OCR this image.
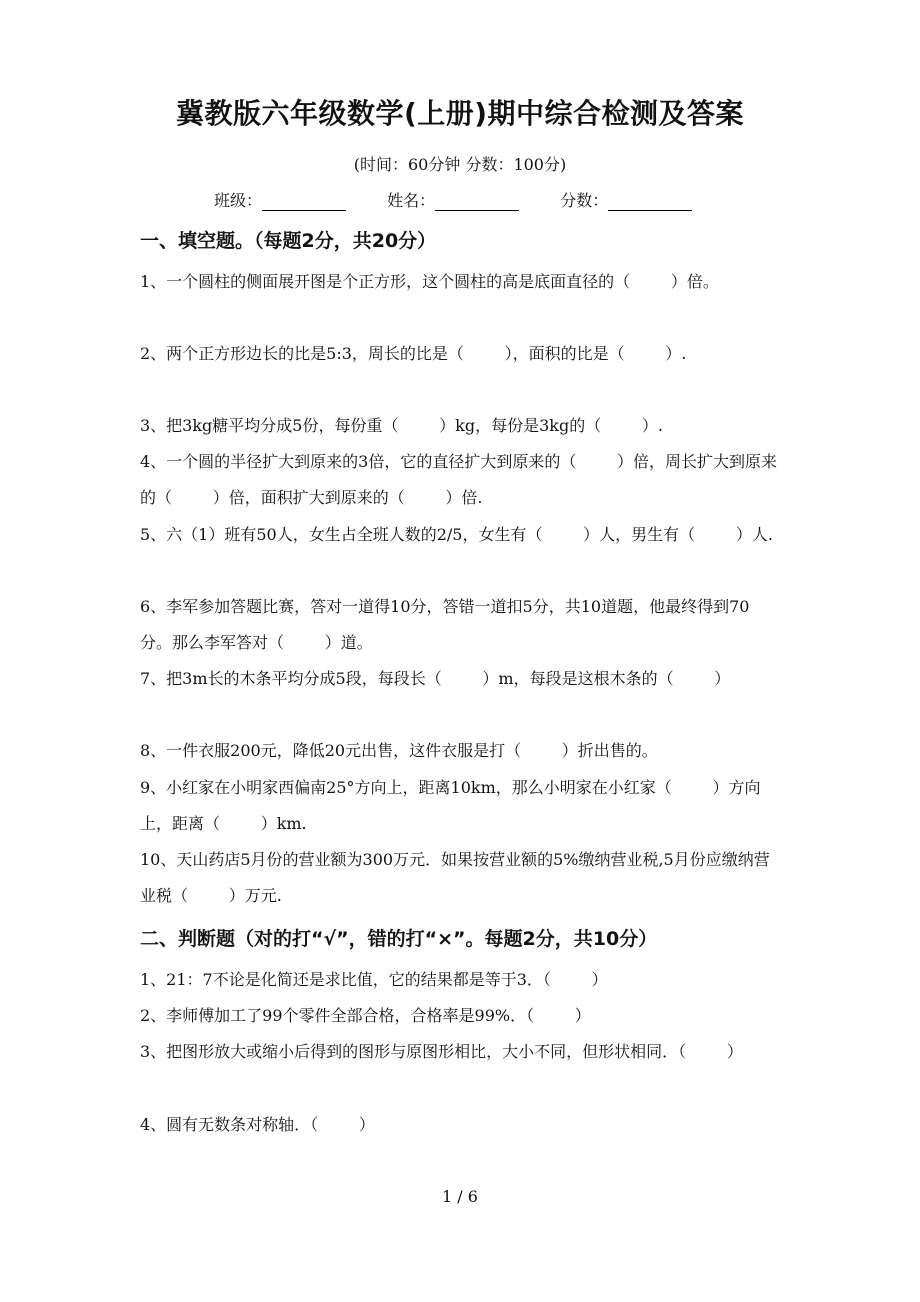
冀教版六年级数学(上册)期中综合检测及答案
(时间：60分钟 分数：100分)
班级：	姓名：	分数：
一、填空题。（每题2分，共20分）
1、一个圆柱的侧面展开图是个正方形，这个圆柱的高是底面直径的（        ）倍。
2、两个正方形边长的比是5:3，周长的比是（        ），面积的比是（        ）.
3、把3kg糖平均分成5份，每份重（        ）kg，每份是3kg的（        ）.
4、一个圆的半径扩大到原来的3倍，它的直径扩大到原来的（        ）倍，周长扩大到原来的（        ）倍，面积扩大到原来的（        ）倍.
5、六（1）班有50人，女生占全班人数的2/5，女生有（        ）人，男生有（        ）人.
6、李军参加答题比赛，答对一道得10分，答错一道扣5分，共10道题，他最终得到70分。那么李军答对（        ）道。
7、把3m长的木条平均分成5段，每段长（        ）m，每段是这根木条的（        ）
8、一件衣服200元，降低20元出售，这件衣服是打（        ）折出售的。
9、小红家在小明家西偏南25°方向上，距离10km，那么小明家在小红家（        ）方向上，距离（        ）km.
10、天山药店5月份的营业额为300万元．如果按营业额的5%缴纳营业税,5月份应缴纳营业税（        ）万元.
二、判断题（对的打“√”，错的打“×”。每题2分，共10分）
1、21：7不论是化简还是求比值，它的结果都是等于3．（        ）
2、李师傅加工了99个零件全部合格，合格率是99%．（        ）
3、把图形放大或缩小后得到的图形与原图形相比，大小不同，但形状相同．（        ）
4、圆有无数条对称轴．（        ）
1 / 6
